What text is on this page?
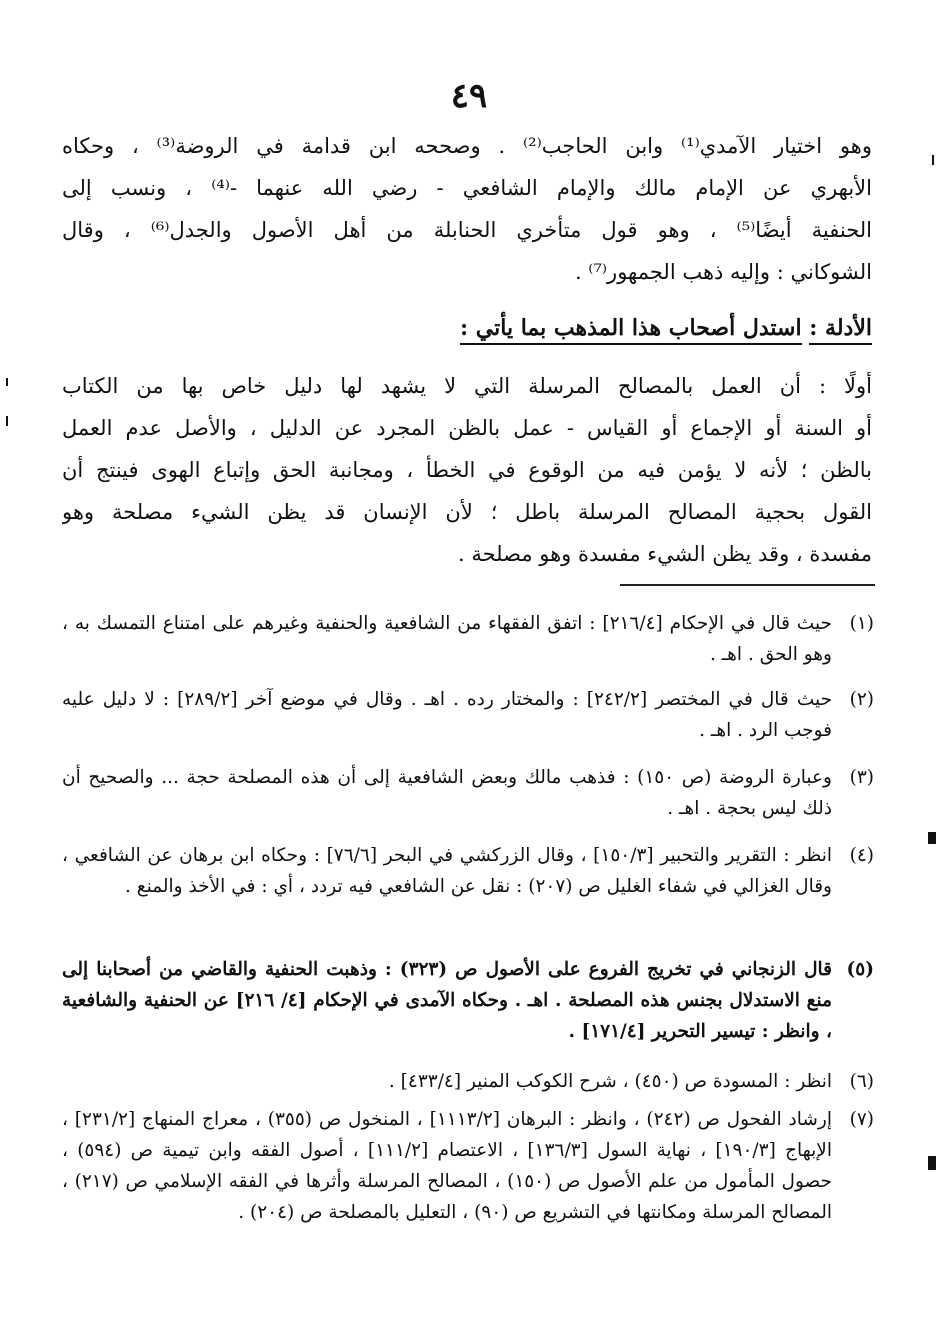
٤٩
وهو اختيار الآمدي⁽¹⁾ وابن الحاجب⁽²⁾ . وصححه ابن قدامة في الروضة⁽³⁾ ، وحكاه
الأبهري عن الإمام مالك والإمام الشافعي - رضي الله عنهما -⁽⁴⁾ ، ونسب إلى
الحنفية أيضًا⁽⁵⁾ ، وهو قول متأخري الحنابلة من أهل الأصول والجدل⁽⁶⁾ ، وقال
الشوكاني : وإليه ذهب الجمهور⁽⁷⁾ .
الأدلة : استدل أصحاب هذا المذهب بما يأتي :
أولًا : أن العمل بالمصالح المرسلة التي لا يشهد لها دليل خاص بها من الكتاب
أو السنة أو الإجماع أو القياس - عمل بالظن المجرد عن الدليل ، والأصل عدم العمل
بالظن ؛ لأنه لا يؤمن فيه من الوقوع في الخطأ ، ومجانبة الحق وإتباع الهوى فينتج أن
القول بحجية المصالح المرسلة باطل ؛ لأن الإنسان قد يظن الشيء مصلحة وهو
مفسدة ، وقد يظن الشيء مفسدة وهو مصلحة .
(١)
حيث قال في الإحكام [٢١٦/٤] : اتفق الفقهاء من الشافعية والحنفية وغيرهم على امتناع التمسك به ، وهو الحق . اهـ .
(٢)
حيث قال في المختصر [٢٤٢/٢] : والمختار رده . اهـ . وقال في موضع آخر [٢٨٩/٢] : لا دليل عليه فوجب الرد . اهـ .
(٣)
وعبارة الروضة (ص ١٥٠) : فذهب مالك وبعض الشافعية إلى أن هذه المصلحة حجة ... والصحيح أن ذلك ليس بحجة . اهـ .
(٤)
انظر : التقرير والتحبير [١٥٠/٣] ، وقال الزركشي في البحر [٧٦/٦] : وحكاه ابن برهان عن الشافعي ، وقال الغزالي في شفاء الغليل ص (٢٠٧) : نقل عن الشافعي فيه تردد ، أي : في الأخذ والمنع .
(٥)
قال الزنجاني في تخريج الفروع على الأصول ص (٣٢٣) : وذهبت الحنفية والقاضي من أصحابنا إلى منع الاستدلال بجنس هذه المصلحة . اهـ . وحكاه الآمدى في الإحكام [٤/ ٢١٦] عن الحنفية والشافعية ، وانظر : تيسير التحرير [١٧١/٤] .
(٦)
انظر : المسودة ص (٤٥٠) ، شرح الكوكب المنير [٤٣٣/٤] .
(٧)
إرشاد الفحول ص (٢٤٢) ، وانظر : البرهان [١١١٣/٢] ، المنخول ص (٣٥٥) ، معراج المنهاج [٢٣١/٢] ، الإبهاج [١٩٠/٣] ، نهاية السول [١٣٦/٣] ، الاعتصام [١١١/٢] ، أصول الفقه وابن تيمية ص (٥٩٤) ، حصول المأمول من علم الأصول ص (١٥٠) ، المصالح المرسلة وأثرها في الفقه الإسلامي ص (٢١٧) ، المصالح المرسلة ومكانتها في التشريع ص (٩٠) ، التعليل بالمصلحة ص (٢٠٤) .
